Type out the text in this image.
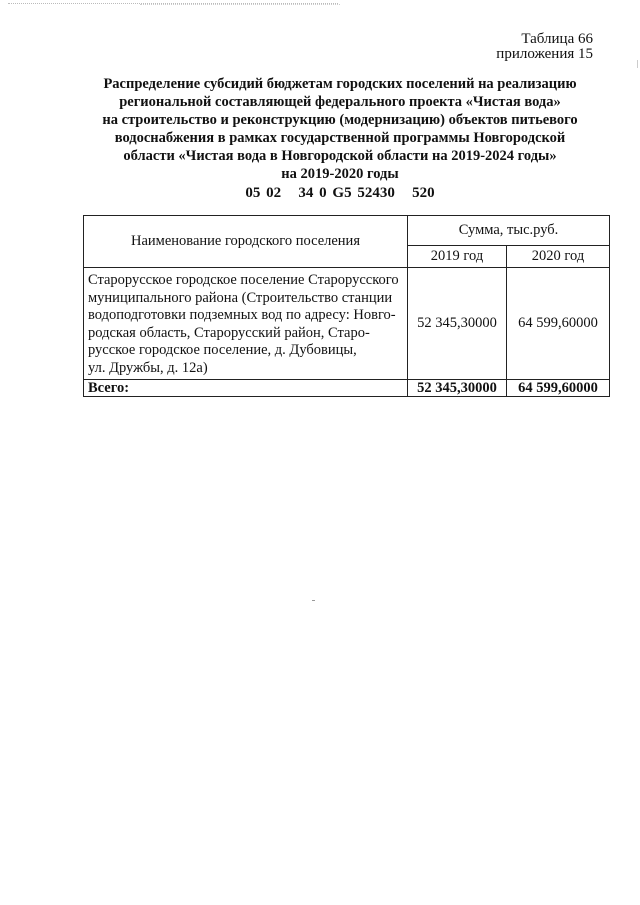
Таблица 66
приложения 15
Распределение субсидий бюджетам городских поселений на реализацию
региональной составляющей федерального проекта «Чистая вода»
на строительство и реконструкцию (модернизацию) объектов питьевого
водоснабжения в рамках государственной программы Новгородской
области «Чистая вода в Новгородской области на 2019-2024 годы»
на 2019-2020 годы
05 02   34 0 G5 52430   520
Наименование городского поселения	Сумма, тыс.руб.	
	2019 год	2020 год

Старорусское городское поселение Старорусского
муниципального района (Строительство станции
водоподготовки подземных вод по адресу: Новго-
родская область, Старорусский район, Старо-
русское городское поселение, д. Дубовицы,
ул. Дружбы, д. 12а)
	52 345,30000	64 599,60000
Всего:	52 345,30000	64 599,60000
